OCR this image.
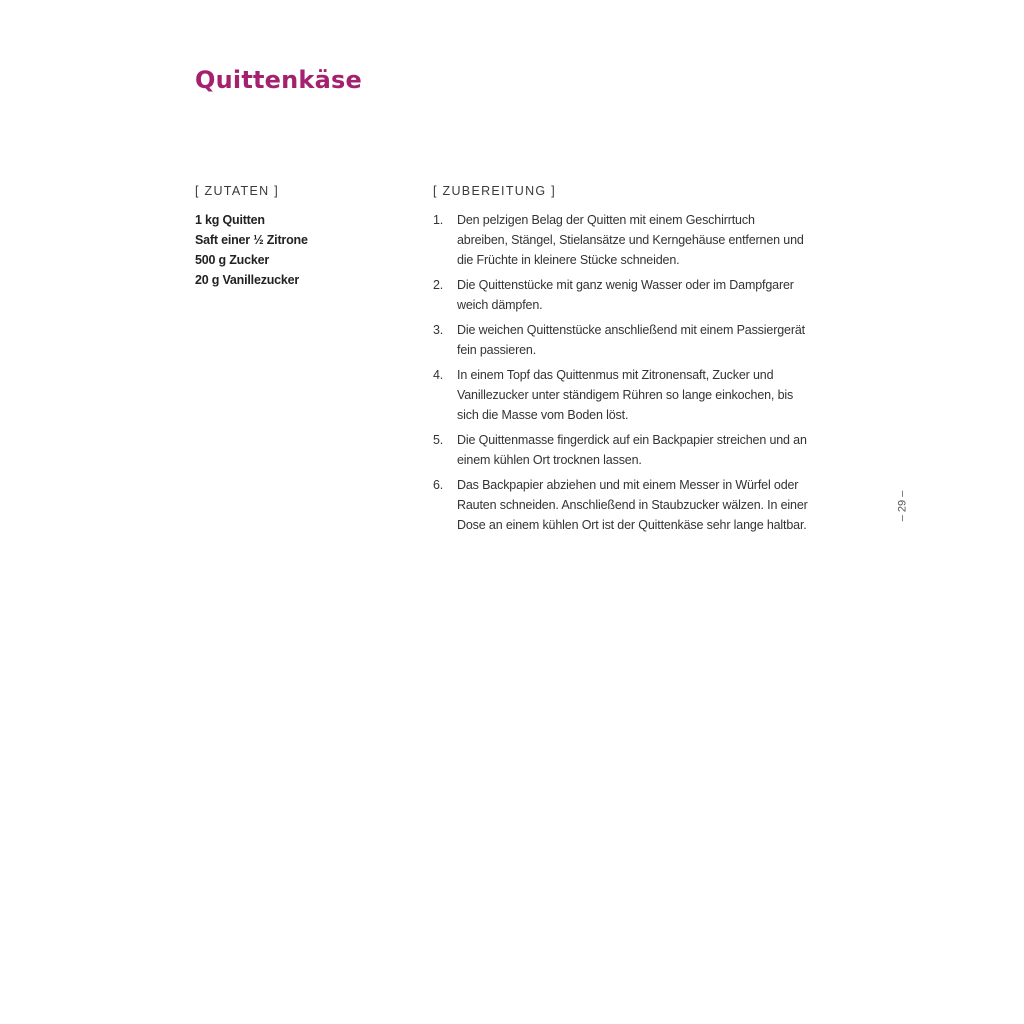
Quittenkäse
[ ZUTATEN ]
1 kg Quitten
Saft einer ½ Zitrone
500 g Zucker
20 g Vanillezucker
[ ZUBEREITUNG ]
1.	Den pelzigen Belag der Quitten mit einem Geschirrtuch abreiben, Stängel, Stielansätze und Kerngehäuse entfernen und die Früchte in kleinere Stücke schneiden.
2.	Die Quittenstücke mit ganz wenig Wasser oder im Dampfgarer weich dämpfen.
3.	Die weichen Quittenstücke anschließend mit einem Passiergerät fein passieren.
4.	In einem Topf das Quittenmus mit Zitronensaft, Zucker und Vanillezucker unter ständigem Rühren so lange einkochen, bis sich die Masse vom Boden löst.
5.	Die Quittenmasse fingerdick auf ein Backpapier streichen und an einem kühlen Ort trocknen lassen.
6.	Das Backpapier abziehen und mit einem Messer in Würfel oder Rauten schneiden. Anschließend in Staubzucker wälzen. In einer Dose an einem kühlen Ort ist der Quittenkäse sehr lange haltbar.
– 29 –
